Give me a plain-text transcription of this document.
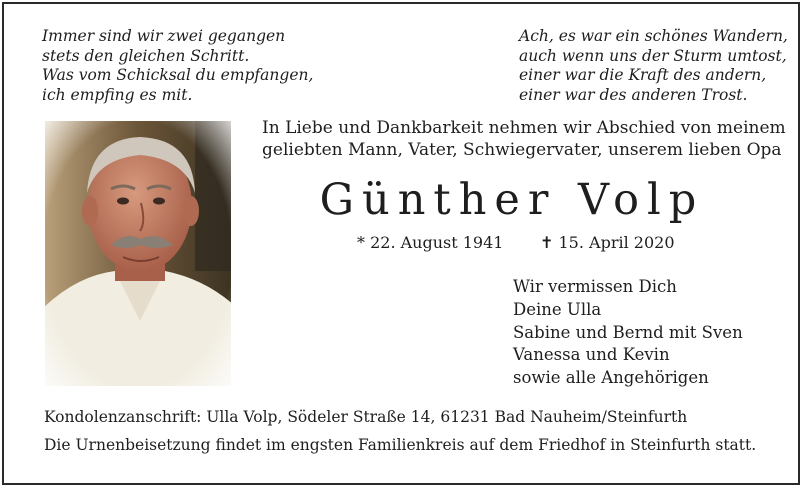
Immer sind wir zwei gegangen
stets den gleichen Schritt.
Was vom Schicksal du empfangen,
ich empfing es mit.
Ach, es war ein schönes Wandern,
auch wenn uns der Sturm umtost,
einer war die Kraft des andern,
einer war des anderen Trost.
In Liebe und Dankbarkeit nehmen wir Abschied von meinem
geliebten Mann, Vater, Schwiegervater, unserem lieben Opa
Günther Volp
* 22. August 1941 ✝ 15. April 2020
Wir vermissen Dich
Deine Ulla
Sabine und Bernd mit Sven
Vanessa und Kevin
sowie alle Angehörigen
Kondolenzanschrift: Ulla Volp, Södeler Straße 14, 61231 Bad Nauheim/Steinfurth
Die Urnenbeisetzung findet im engsten Familienkreis auf dem Friedhof in Steinfurth statt.
